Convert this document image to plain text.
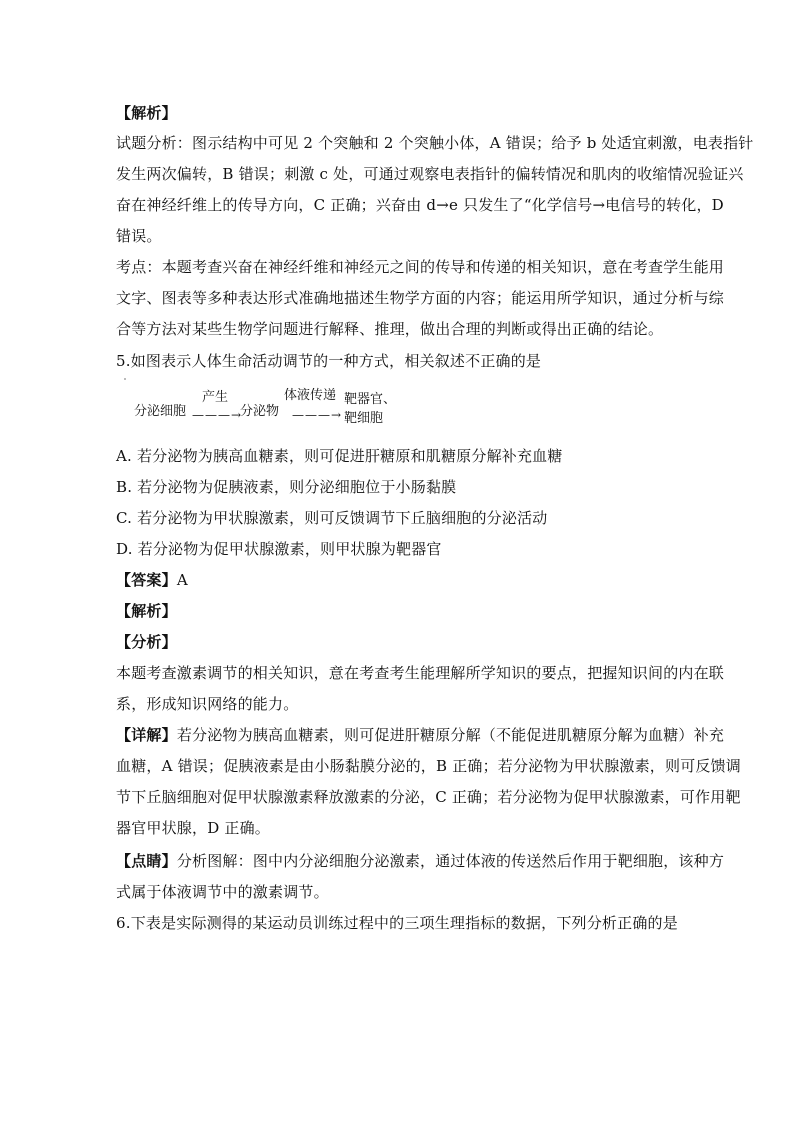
【解析】
试题分析：图示结构中可见 2 个突触和 2 个突触小体，A 错误；给予 b 处适宜刺激，电表指针
发生两次偏转，B 错误；刺激 c 处，可通过观察电表指针的偏转情况和肌肉的收缩情况验证兴
奋在神经纤维上的传导方向，C 正确；兴奋由 d→e 只发生了“化学信号→电信号的转化，D
错误。
考点：本题考查兴奋在神经纤维和神经元之间的传导和传递的相关知识，意在考查学生能用
文字、图表等多种表达形式准确地描述生物学方面的内容；能运用所学知识，通过分析与综
合等方法对某些生物学问题进行解释、推理，做出合理的判断或得出正确的结论。
5.如图表示人体生命活动调节的一种方式，相关叙述不正确的是
分泌细胞
产生
———→
分泌物
体液传递
———→
靶器官、
靶细胞
A. 若分泌物为胰高血糖素，则可促进肝糖原和肌糖原分解补充血糖
B. 若分泌物为促胰液素，则分泌细胞位于小肠黏膜
C. 若分泌物为甲状腺激素，则可反馈调节下丘脑细胞的分泌活动
D. 若分泌物为促甲状腺激素，则甲状腺为靶器官
【答案】A
【解析】
【分析】
本题考查激素调节的相关知识，意在考查考生能理解所学知识的要点，把握知识间的内在联
系，形成知识网络的能力。
【详解】若分泌物为胰高血糖素，则可促进肝糖原分解（不能促进肌糖原分解为血糖）补充
血糖，A 错误；促胰液素是由小肠黏膜分泌的，B 正确；若分泌物为甲状腺激素，则可反馈调
节下丘脑细胞对促甲状腺激素释放激素的分泌，C 正确；若分泌物为促甲状腺激素，可作用靶
器官甲状腺，D 正确。
【点睛】分析图解：图中内分泌细胞分泌激素，通过体液的传送然后作用于靶细胞，该种方
式属于体液调节中的激素调节。
6.下表是实际测得的某运动员训练过程中的三项生理指标的数据，下列分析正确的是
